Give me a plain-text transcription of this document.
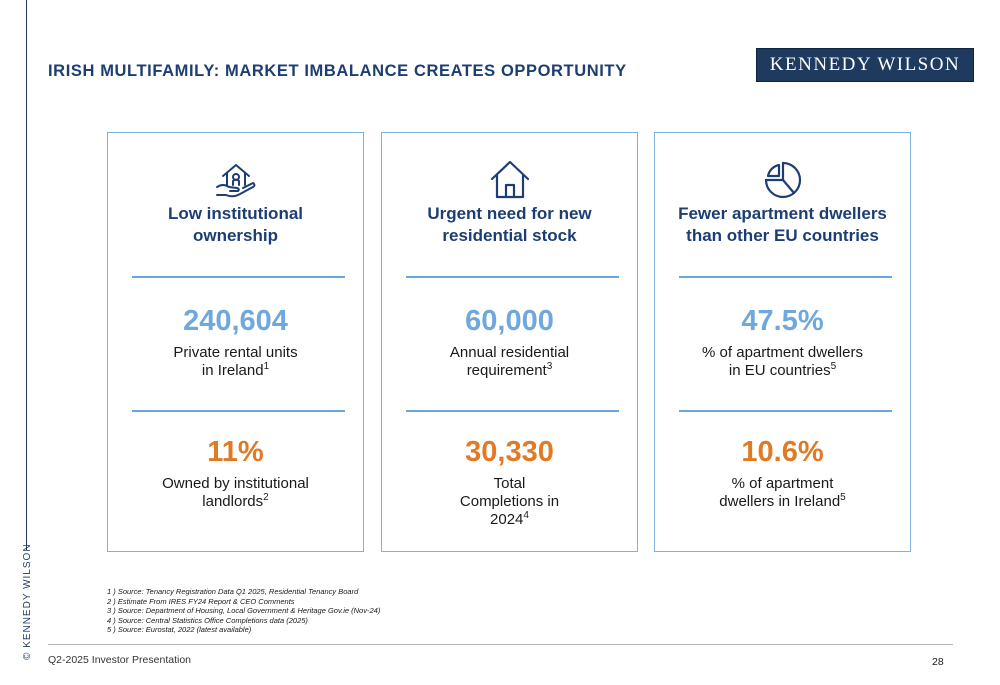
© KENNEDY WILSON
IRISH MULTIFAMILY: MARKET IMBALANCE CREATES OPPORTUNITY	KENNEDY WILSON
Low institutional
ownership
240,604
Private rental units
in Ireland$^1$
11%
Owned by institutional
landlords$^2$
Urgent need for new
residential stock
60,000
Annual residential
requirement$^3$
30,330
Total
Completions in
2024$^4$
Fewer apartment dwellers
than other EU countries
47.5%
% of apartment dwellers
in EU countries$^5$
10.6%
% of apartment
dwellers in Ireland$^5$
1 ) Source: Tenancy Registration Data Q1 2025, Residential Tenancy Board
2 ) Estimate From IRES FY24 Report & CEO Comments
3 ) Source: Department of Housing, Local Government & Heritage Gov.ie (Nov-24)
4 ) Source: Central Statistics Office Completions data (2025)
5 ) Source: Eurostat, 2022 (latest available)
Q2-2025 Investor Presentation	28
